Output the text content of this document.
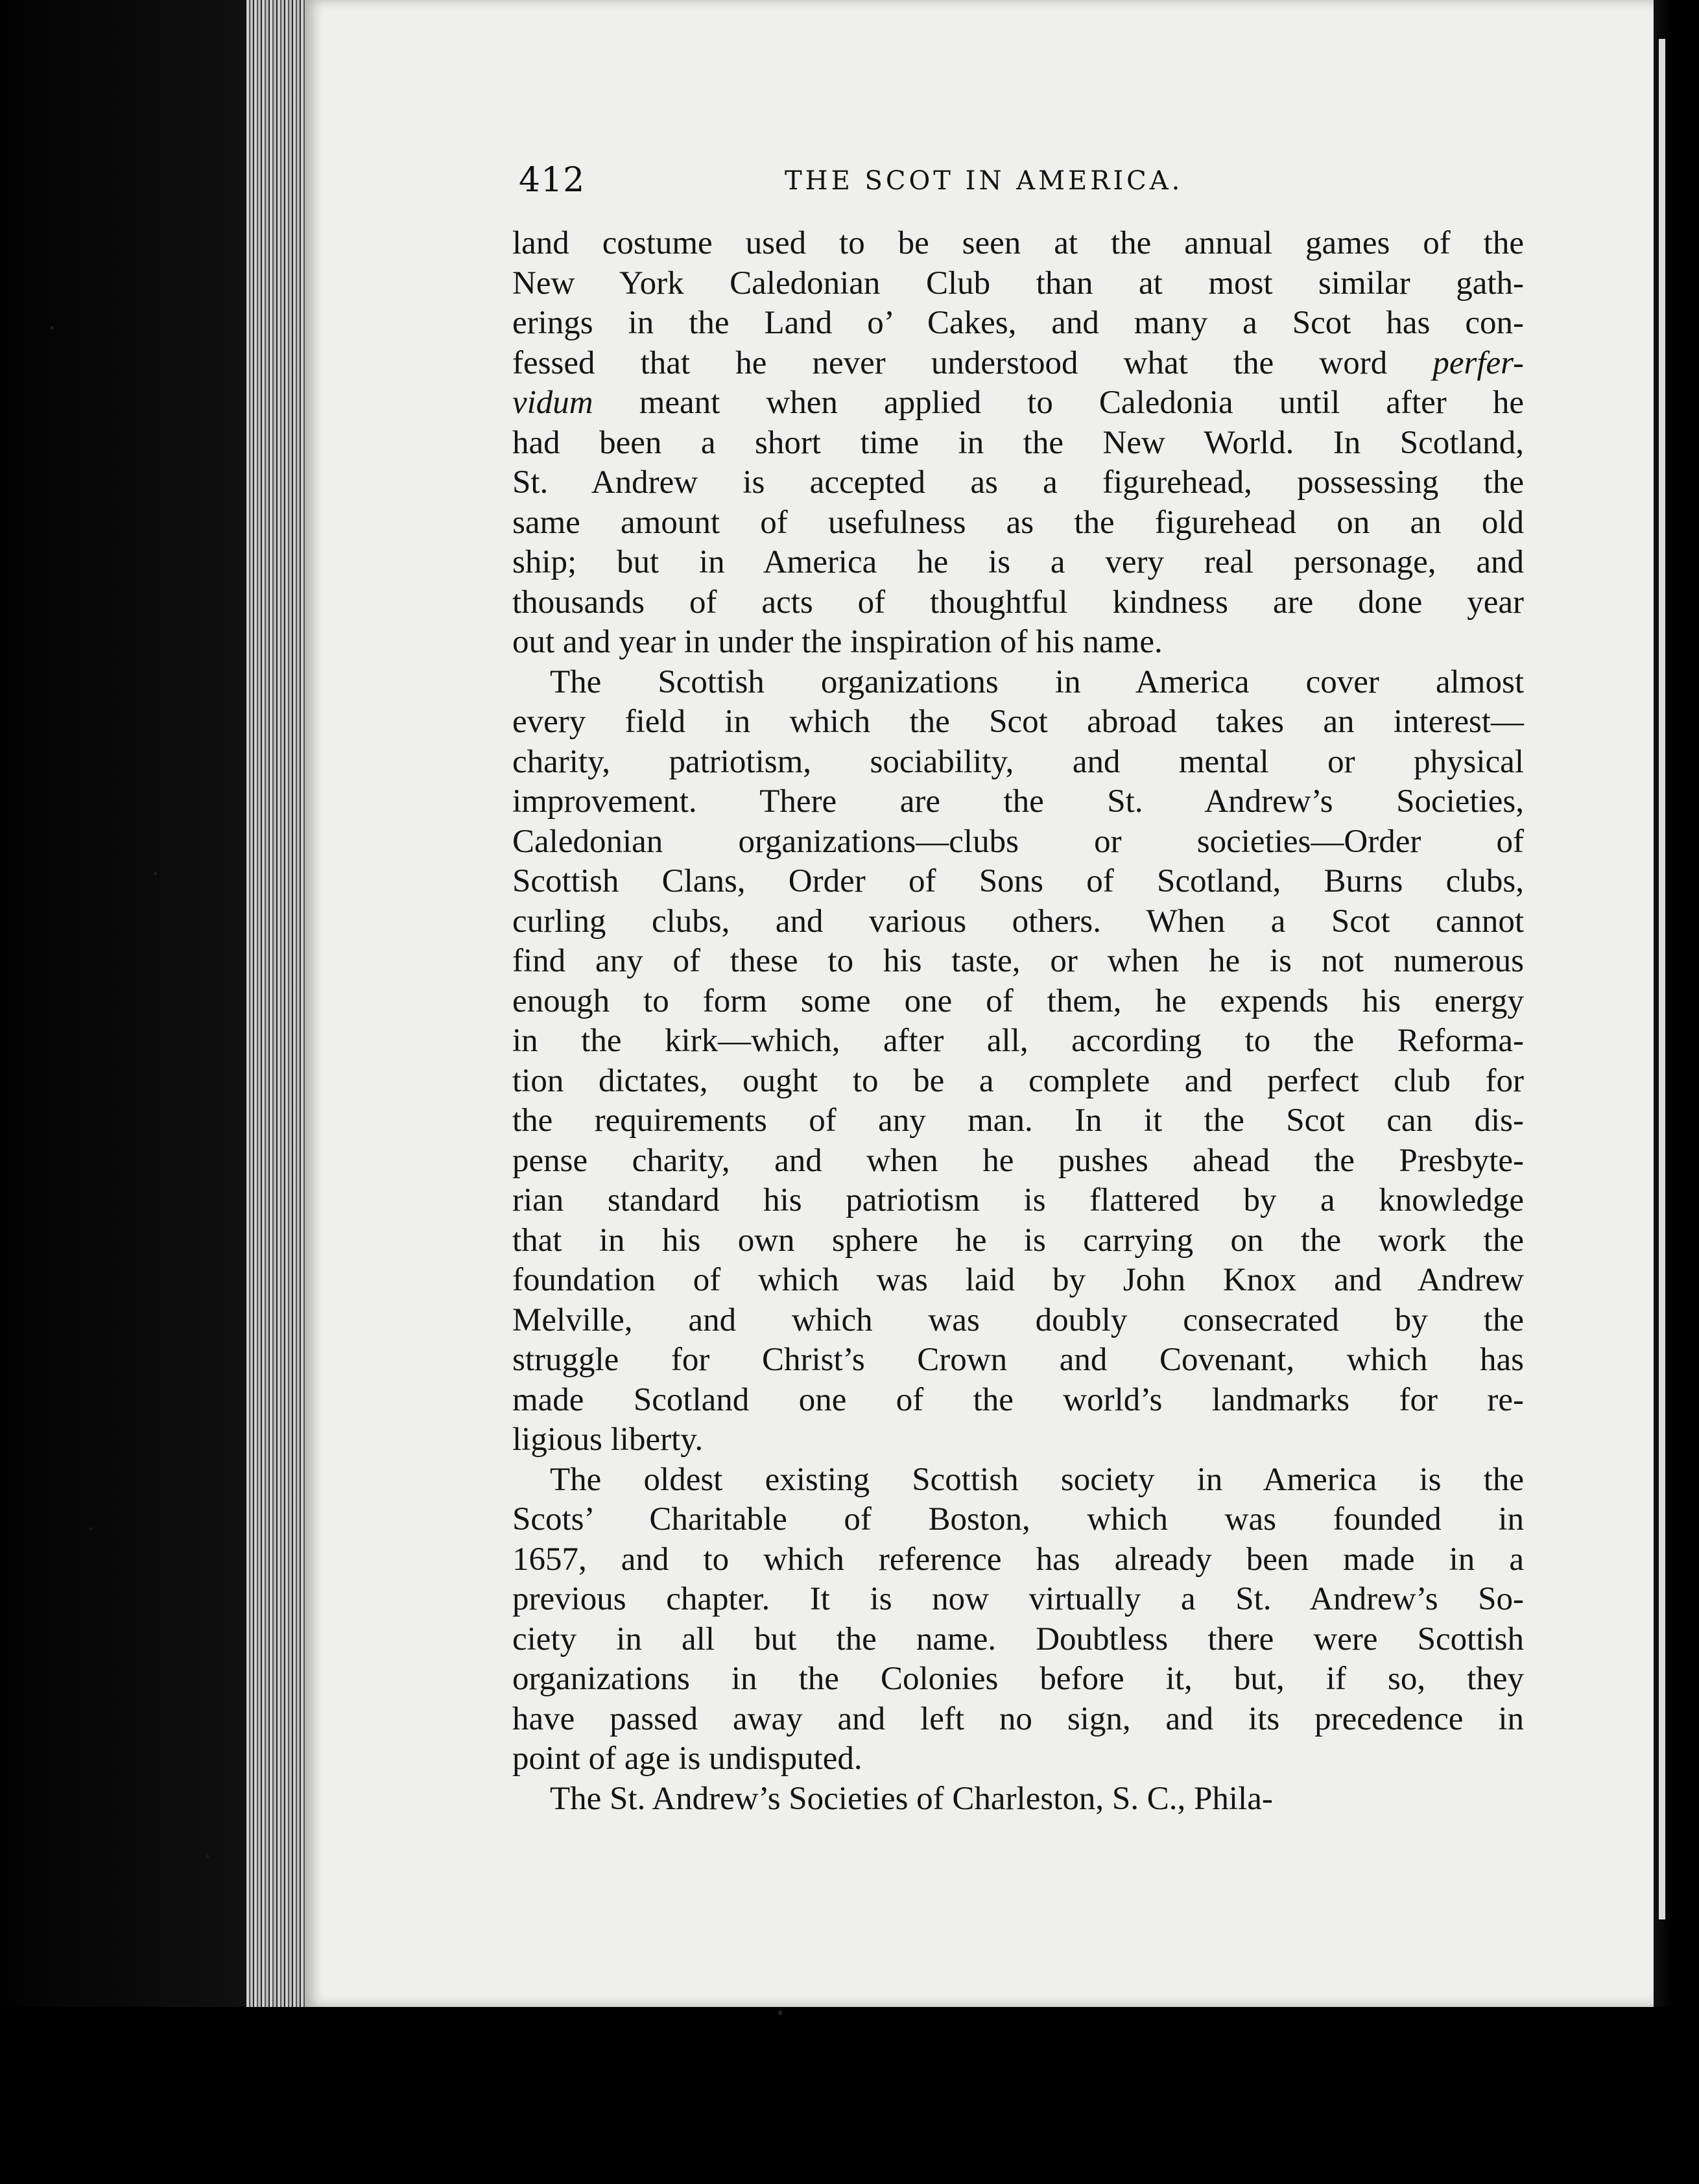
412	THE SCOT IN AMERICA.
land costume used to be seen at the annual games of the
New York Caledonian Club than at most similar gath-
erings in the Land o’ Cakes, and many a Scot has con-
fessed that he never understood what the word perfer-
vidum meant when applied to Caledonia until after he
had been a short time in the New World. In Scotland,
St. Andrew is accepted as a figurehead, possessing the
same amount of usefulness as the figurehead on an old
ship; but in America he is a very real personage, and
thousands of acts of thoughtful kindness are done year
out and year in under the inspiration of his name.
The Scottish organizations in America cover almost
every field in which the Scot abroad takes an interest—
charity, patriotism, sociability, and mental or physical
improvement. There are the St. Andrew’s Societies,
Caledonian organizations—clubs or societies—Order of
Scottish Clans, Order of Sons of Scotland, Burns clubs,
curling clubs, and various others. When a Scot cannot
find any of these to his taste, or when he is not numerous
enough to form some one of them, he expends his energy
in the kirk—which, after all, according to the Reforma-
tion dictates, ought to be a complete and perfect club for
the requirements of any man. In it the Scot can dis-
pense charity, and when he pushes ahead the Presbyte-
rian standard his patriotism is flattered by a knowledge
that in his own sphere he is carrying on the work the
foundation of which was laid by John Knox and Andrew
Melville, and which was doubly consecrated by the
struggle for Christ’s Crown and Covenant, which has
made Scotland one of the world’s landmarks for re-
ligious liberty.
The oldest existing Scottish society in America is the
Scots’ Charitable of Boston, which was founded in
1657, and to which reference has already been made in a
previous chapter. It is now virtually a St. Andrew’s So-
ciety in all but the name. Doubtless there were Scottish
organizations in the Colonies before it, but, if so, they
have passed away and left no sign, and its precedence in
point of age is undisputed.
The St. Andrew’s Societies of Charleston, S. C., Phila-
